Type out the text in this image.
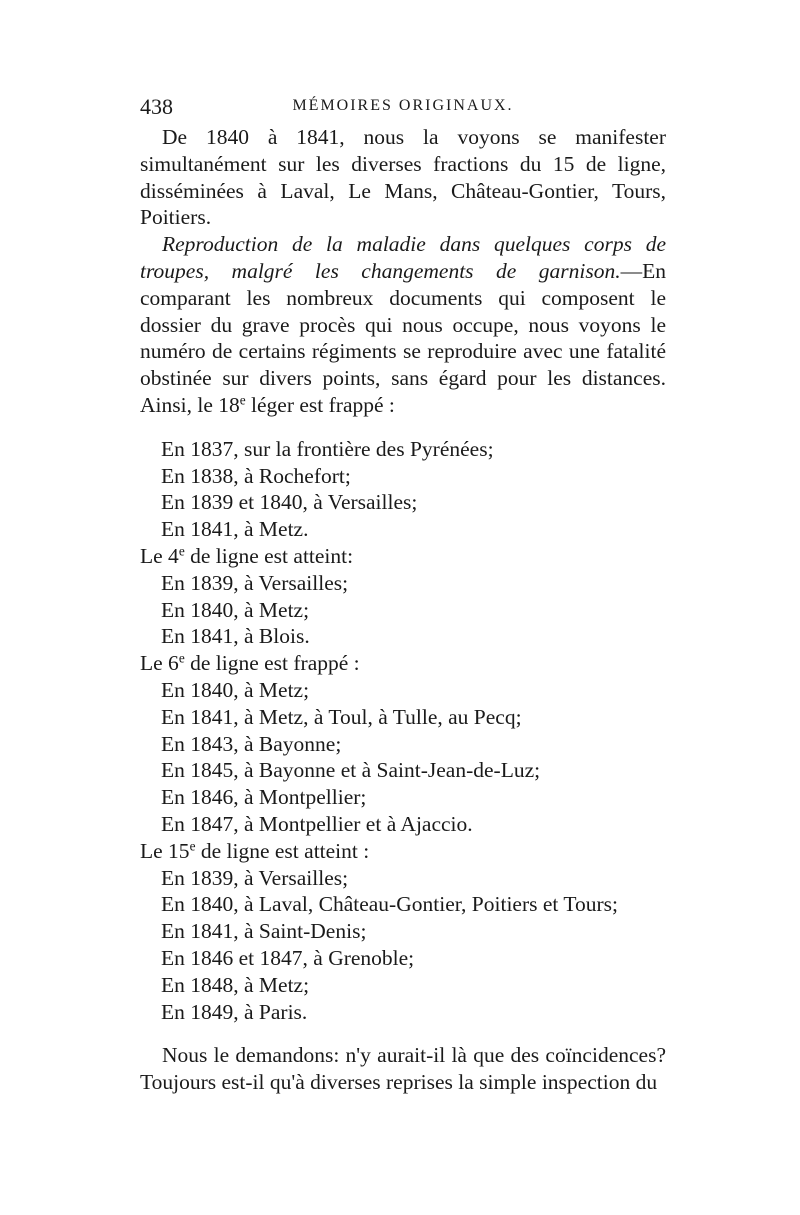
438	MÉMOIRES ORIGINAUX.

De 1840 à 1841, nous la voyons se manifester simultanément sur les diverses fractions du 15 de ligne, disséminées à Laval, Le Mans, Château-Gontier, Tours, Poitiers.

Reproduction de la maladie dans quelques corps de troupes, malgré les changements de garnison.—En comparant les nombreux documents qui composent le dossier du grave procès qui nous occupe, nous voyons le numéro de certains régiments se reproduire avec une fatalité obstinée sur divers points, sans égard pour les distances. Ainsi, le 18e léger est frappé :

En 1837, sur la frontière des Pyrénées;
En 1838, à Rochefort;
En 1839 et 1840, à Versailles;
En 1841, à Metz.
Le 4e de ligne est atteint:
En 1839, à Versailles;
En 1840, à Metz;
En 1841, à Blois.
Le 6e de ligne est frappé :
En 1840, à Metz;
En 1841, à Metz, à Toul, à Tulle, au Pecq;
En 1843, à Bayonne;
En 1845, à Bayonne et à Saint-Jean-de-Luz;
En 1846, à Montpellier;
En 1847, à Montpellier et à Ajaccio.
Le 15e de ligne est atteint :
En 1839, à Versailles;
En 1840, à Laval, Château-Gontier, Poitiers et Tours;
En 1841, à Saint-Denis;
En 1846 et 1847, à Grenoble;
En 1848, à Metz;
En 1849, à Paris.

Nous le demandons: n'y aurait-il là que des coïncidences? Toujours est-il qu'à diverses reprises la simple inspection du
